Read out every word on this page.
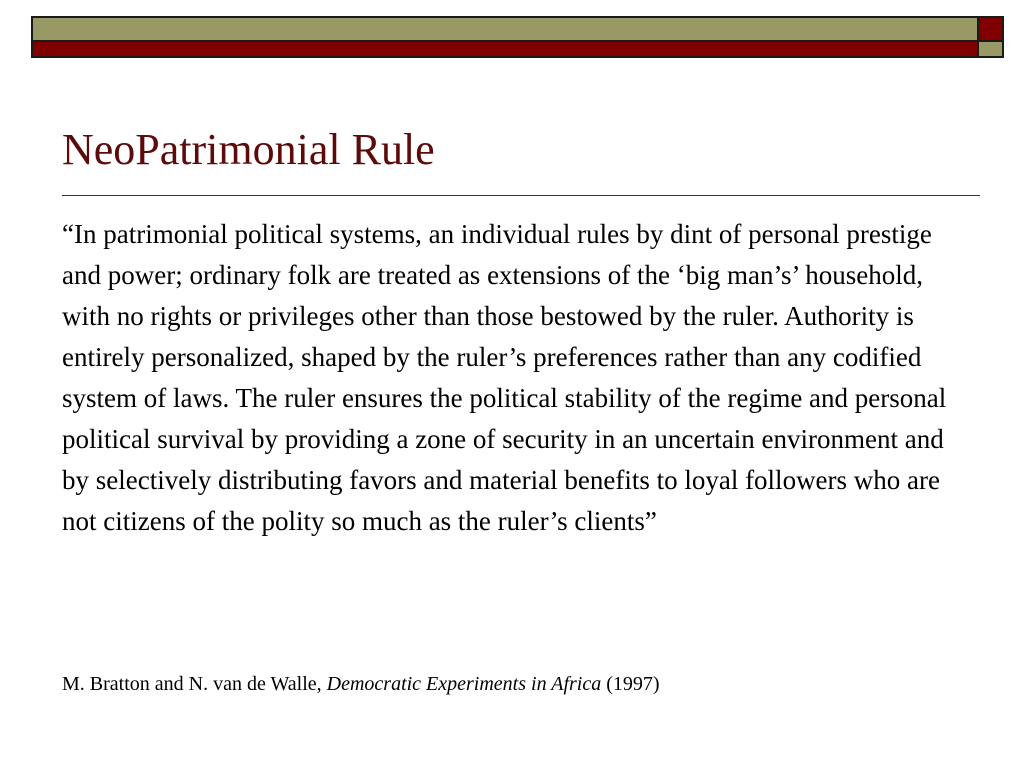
NeoPatrimonial Rule

“In patrimonial political systems, an individual rules by dint of personal prestige and power; ordinary folk are treated as extensions of the ‘big man’s’ household, with no rights or privileges other than those bestowed by the ruler. Authority is entirely personalized, shaped by the ruler’s preferences rather than any codified system of laws. The ruler ensures the political stability of the regime and personal political survival by providing a zone of security in an uncertain environment and by selectively distributing favors and material benefits to loyal followers who are not citizens of the polity so much as the ruler’s clients”

M. Bratton and N. van de Walle, Democratic Experiments in Africa (1997)
